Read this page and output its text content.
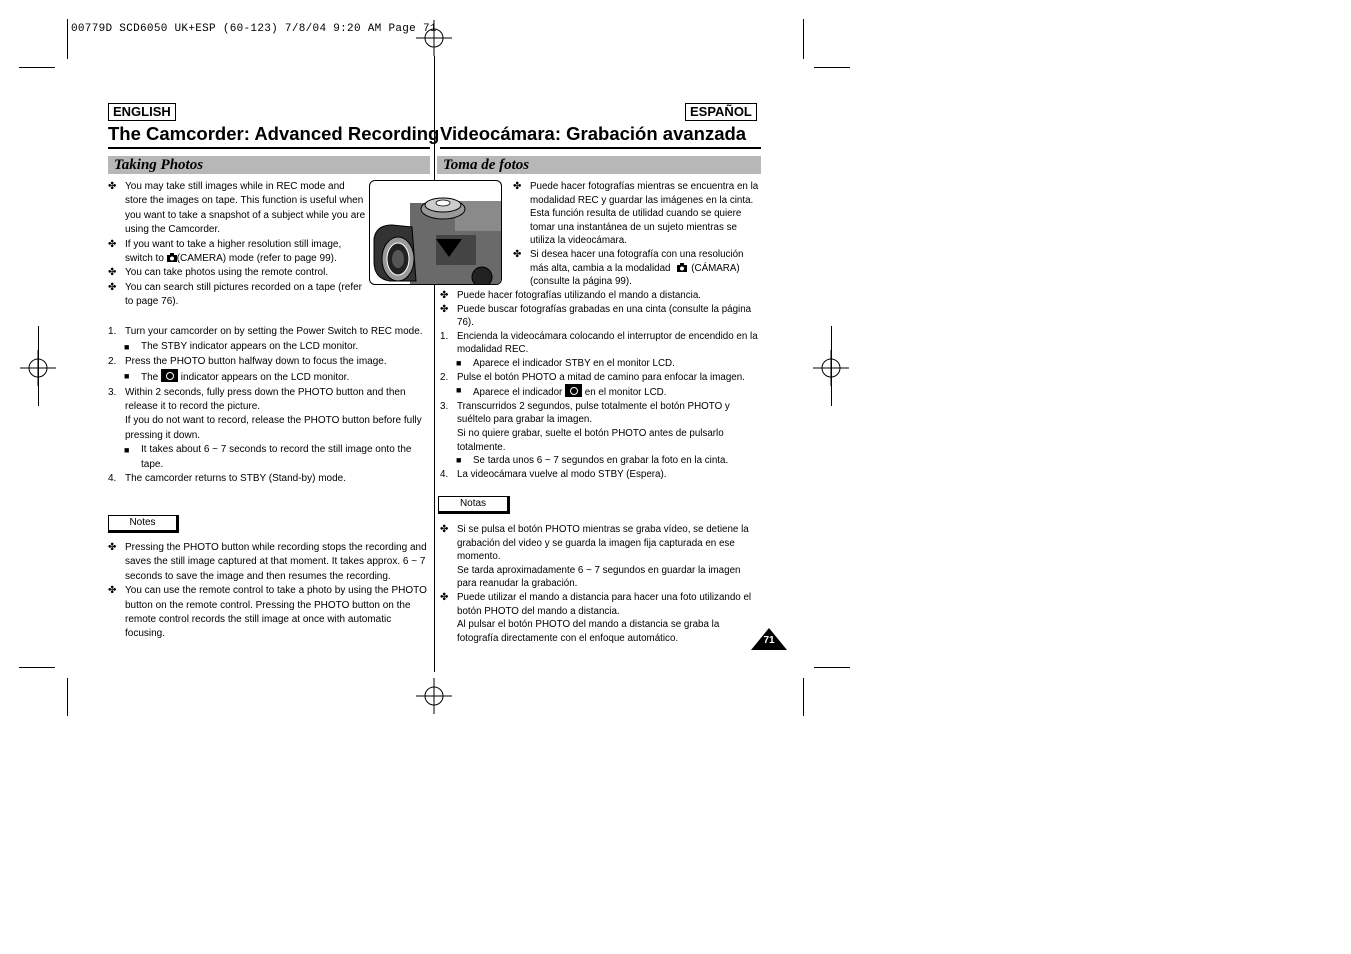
00779D SCD6050 UK+ESP (60-123) 7/8/04 9:20 AM Page 71
ENGLISH	ESPAÑOL
The Camcorder: Advanced Recording Videocámara: Grabación avanzada
Taking Photos	Toma de fotos
✤ You may take still images while in REC mode and store the images on tape. This function is useful when you want to take a snapshot of a subject while you are using the Camcorder.
✤ If you want to take a higher resolution still image, switch to (CAMERA) mode (refer to page 99).
✤ You can take photos using the remote control.
✤ You can search still pictures recorded on a tape (refer to page 76).
1. Turn your camcorder on by setting the Power Switch to REC mode.
■ The STBY indicator appears on the LCD monitor.
2. Press the PHOTO button halfway down to focus the image.
■ The indicator appears on the LCD monitor.
3. Within 2 seconds, fully press down the PHOTO button and then release it to record the picture.
If you do not want to record, release the PHOTO button before fully pressing it down.
■ It takes about 6 ~ 7 seconds to record the still image onto the tape.
4. The camcorder returns to STBY (Stand-by) mode.
Notes
✤ Pressing the PHOTO button while recording stops the recording and saves the still image captured at that moment. It takes approx. 6 ~ 7 seconds to save the image and then resumes the recording.
✤ You can use the remote control to take a photo by using the PHOTO button on the remote control. Pressing the PHOTO button on the remote control records the still image at once with automatic focusing.
✤ Puede hacer fotografías mientras se encuentra en la modalidad REC y guardar las imágenes en la cinta. Esta función resulta de utilidad cuando se quiere tomar una instantánea de un sujeto mientras se utiliza la videocámara.
✤ Si desea hacer una fotografía con una resolución más alta, cambia a la modalidad (CÁMARA) (consulte la página 99).
✤ Puede hacer fotografías utilizando el mando a distancia.
✤ Puede buscar fotografías grabadas en una cinta (consulte la página 76).
1. Encienda la videocámara colocando el interruptor de encendido en la modalidad REC.
■ Aparece el indicador STBY en el monitor LCD.
2. Pulse el botón PHOTO a mitad de camino para enfocar la imagen.
■ Aparece el indicador en el monitor LCD.
3. Transcurridos 2 segundos, pulse totalmente el botón PHOTO y suéltelo para grabar la imagen.
Si no quiere grabar, suelte el botón PHOTO antes de pulsarlo totalmente.
■ Se tarda unos 6 ~ 7 segundos en grabar la foto en la cinta.
4. La videocámara vuelve al modo STBY (Espera).
Notas
✤ Si se pulsa el botón PHOTO mientras se graba vídeo, se detiene la grabación del video y se guarda la imagen fija capturada en ese momento.
Se tarda aproximadamente 6 ~ 7 segundos en guardar la imagen para reanudar la grabación.
✤ Puede utilizar el mando a distancia para hacer una foto utilizando el botón PHOTO del mando a distancia.
Al pulsar el botón PHOTO del mando a distancia se graba la fotografía directamente con el enfoque automático.	71
